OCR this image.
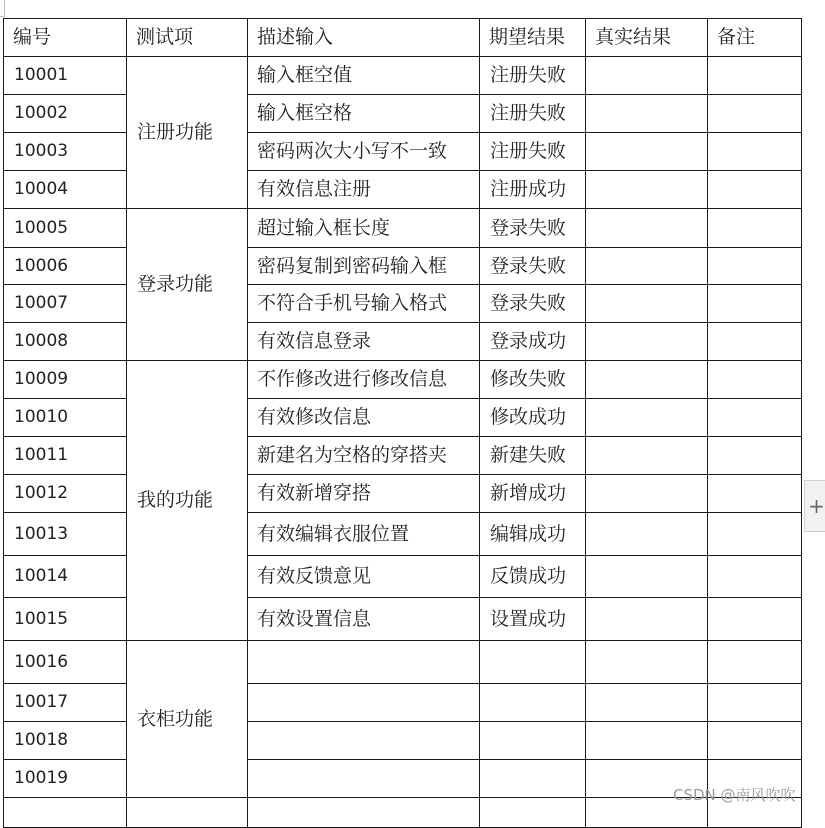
编号	测试项	描述输入	期望结果	真实结果	备注
10001	注册功能	输入框空值	注册失败		
10002		输入框空格	注册失败		
10003		密码两次大小写不一致	注册失败		
10004		有效信息注册	注册成功		
10005	登录功能	超过输入框长度	登录失败		
10006		密码复制到密码输入框	登录失败		
10007		不符合手机号输入格式	登录失败		
10008		有效信息登录	登录成功		
10009	我的功能	不作修改进行修改信息	修改失败		
10010		有效修改信息	修改成功		
10011		新建名为空格的穿搭夹	新建失败		
10012		有效新增穿搭	新增成功		
10013		有效编辑衣服位置	编辑成功		
10014		有效反馈意见	反馈成功		
10015		有效设置信息	设置成功		
10016	衣柜功能				
10017					
10018					
10019					

+
CSDN @南风吹吹
